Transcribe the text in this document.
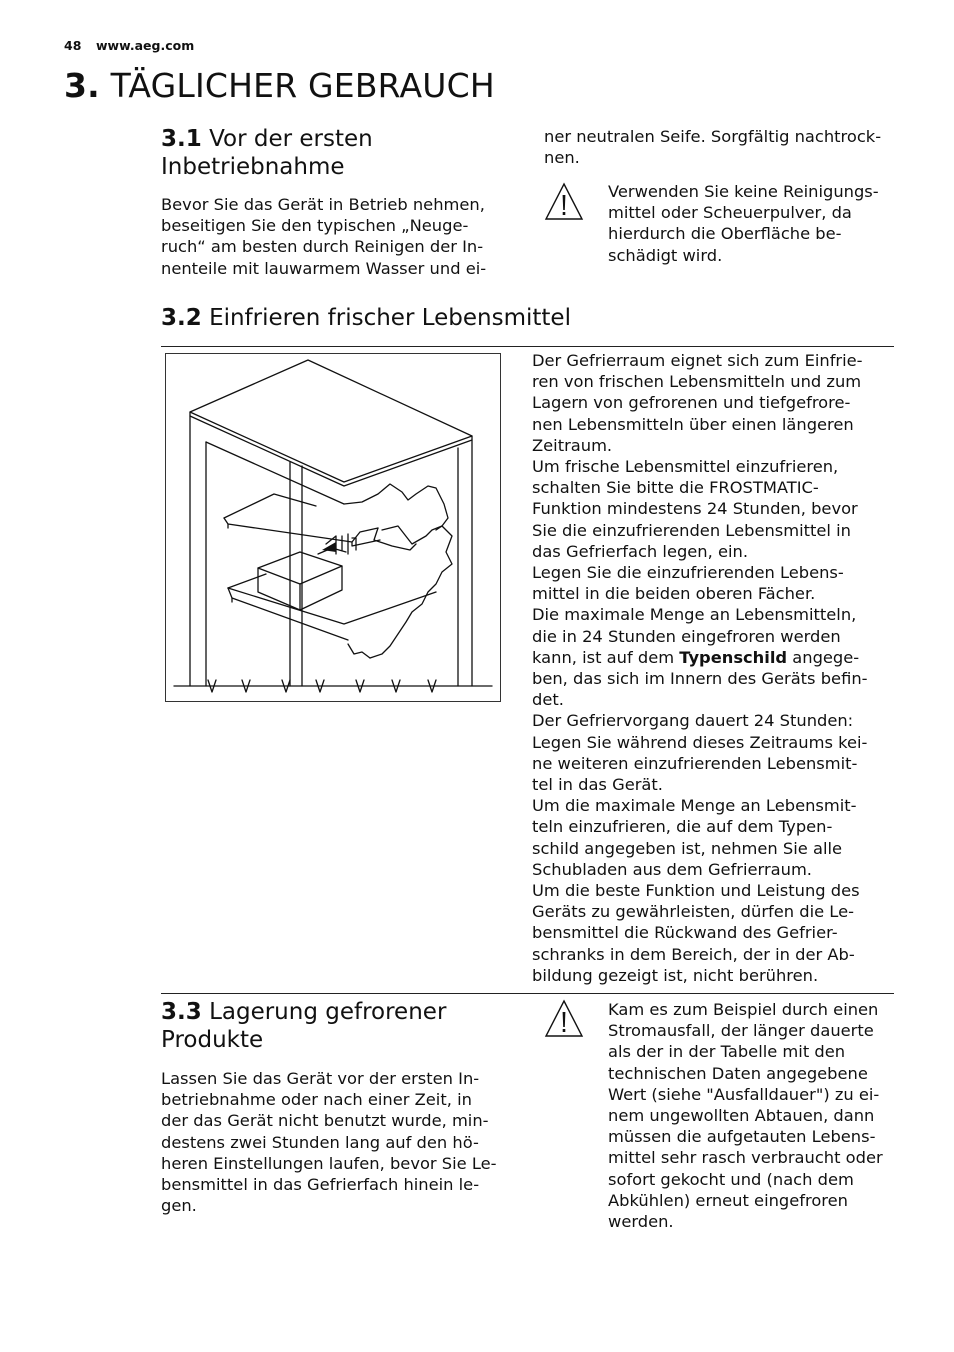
48 www.aeg.com
3. TÄGLICHER GEBRAUCH
3.1 Vor der ersten Inbetriebnahme

Bevor Sie das Gerät in Betrieb nehmen,
beseitigen Sie den typischen „Neuge-
ruch“ am besten durch Reinigen der In-
nenteile mit lauwarmem Wasser und ei-

ner neutralen Seife. Sorgfältig nachtrock-
nen.

Verwenden Sie keine Reinigungs-
mittel oder Scheuerpulver, da
hierdurch die Oberfläche be-
schädigt wird.

3.2 Einfrieren frischer Lebensmittel

Der Gefrierraum eignet sich zum Einfrie-
ren von frischen Lebensmitteln und zum
Lagern von gefrorenen und tiefgefrore-
nen Lebensmitteln über einen längeren
Zeitraum.
Um frische Lebensmittel einzufrieren,
schalten Sie bitte die FROSTMATIC-
Funktion mindestens 24 Stunden, bevor
Sie die einzufrierenden Lebensmittel in
das Gefrierfach legen, ein.
Legen Sie die einzufrierenden Lebens-
mittel in die beiden oberen Fächer.
Die maximale Menge an Lebensmitteln,
die in 24 Stunden eingefroren werden
kann, ist auf dem Typenschild angege-
ben, das sich im Innern des Geräts befin-
det.
Der Gefriervorgang dauert 24 Stunden:
Legen Sie während dieses Zeitraums kei-
ne weiteren einzufrierenden Lebensmit-
tel in das Gerät.
Um die maximale Menge an Lebensmit-
teln einzufrieren, die auf dem Typen-
schild angegeben ist, nehmen Sie alle
Schubladen aus dem Gefrierraum.
Um die beste Funktion und Leistung des
Geräts zu gewährleisten, dürfen die Le-
bensmittel die Rückwand des Gefrier-
schranks in dem Bereich, der in der Ab-
bildung gezeigt ist, nicht berühren.

3.3 Lagerung gefrorener Produkte

Lassen Sie das Gerät vor der ersten In-
betriebnahme oder nach einer Zeit, in
der das Gerät nicht benutzt wurde, min-
destens zwei Stunden lang auf den hö-
heren Einstellungen laufen, bevor Sie Le-
bensmittel in das Gefrierfach hinein le-
gen.

Kam es zum Beispiel durch einen
Stromausfall, der länger dauerte
als der in der Tabelle mit den
technischen Daten angegebene
Wert (siehe "Ausfalldauer") zu ei-
nem ungewollten Abtauen, dann
müssen die aufgetauten Lebens-
mittel sehr rasch verbraucht oder
sofort gekocht und (nach dem
Abkühlen) erneut eingefroren
werden.
